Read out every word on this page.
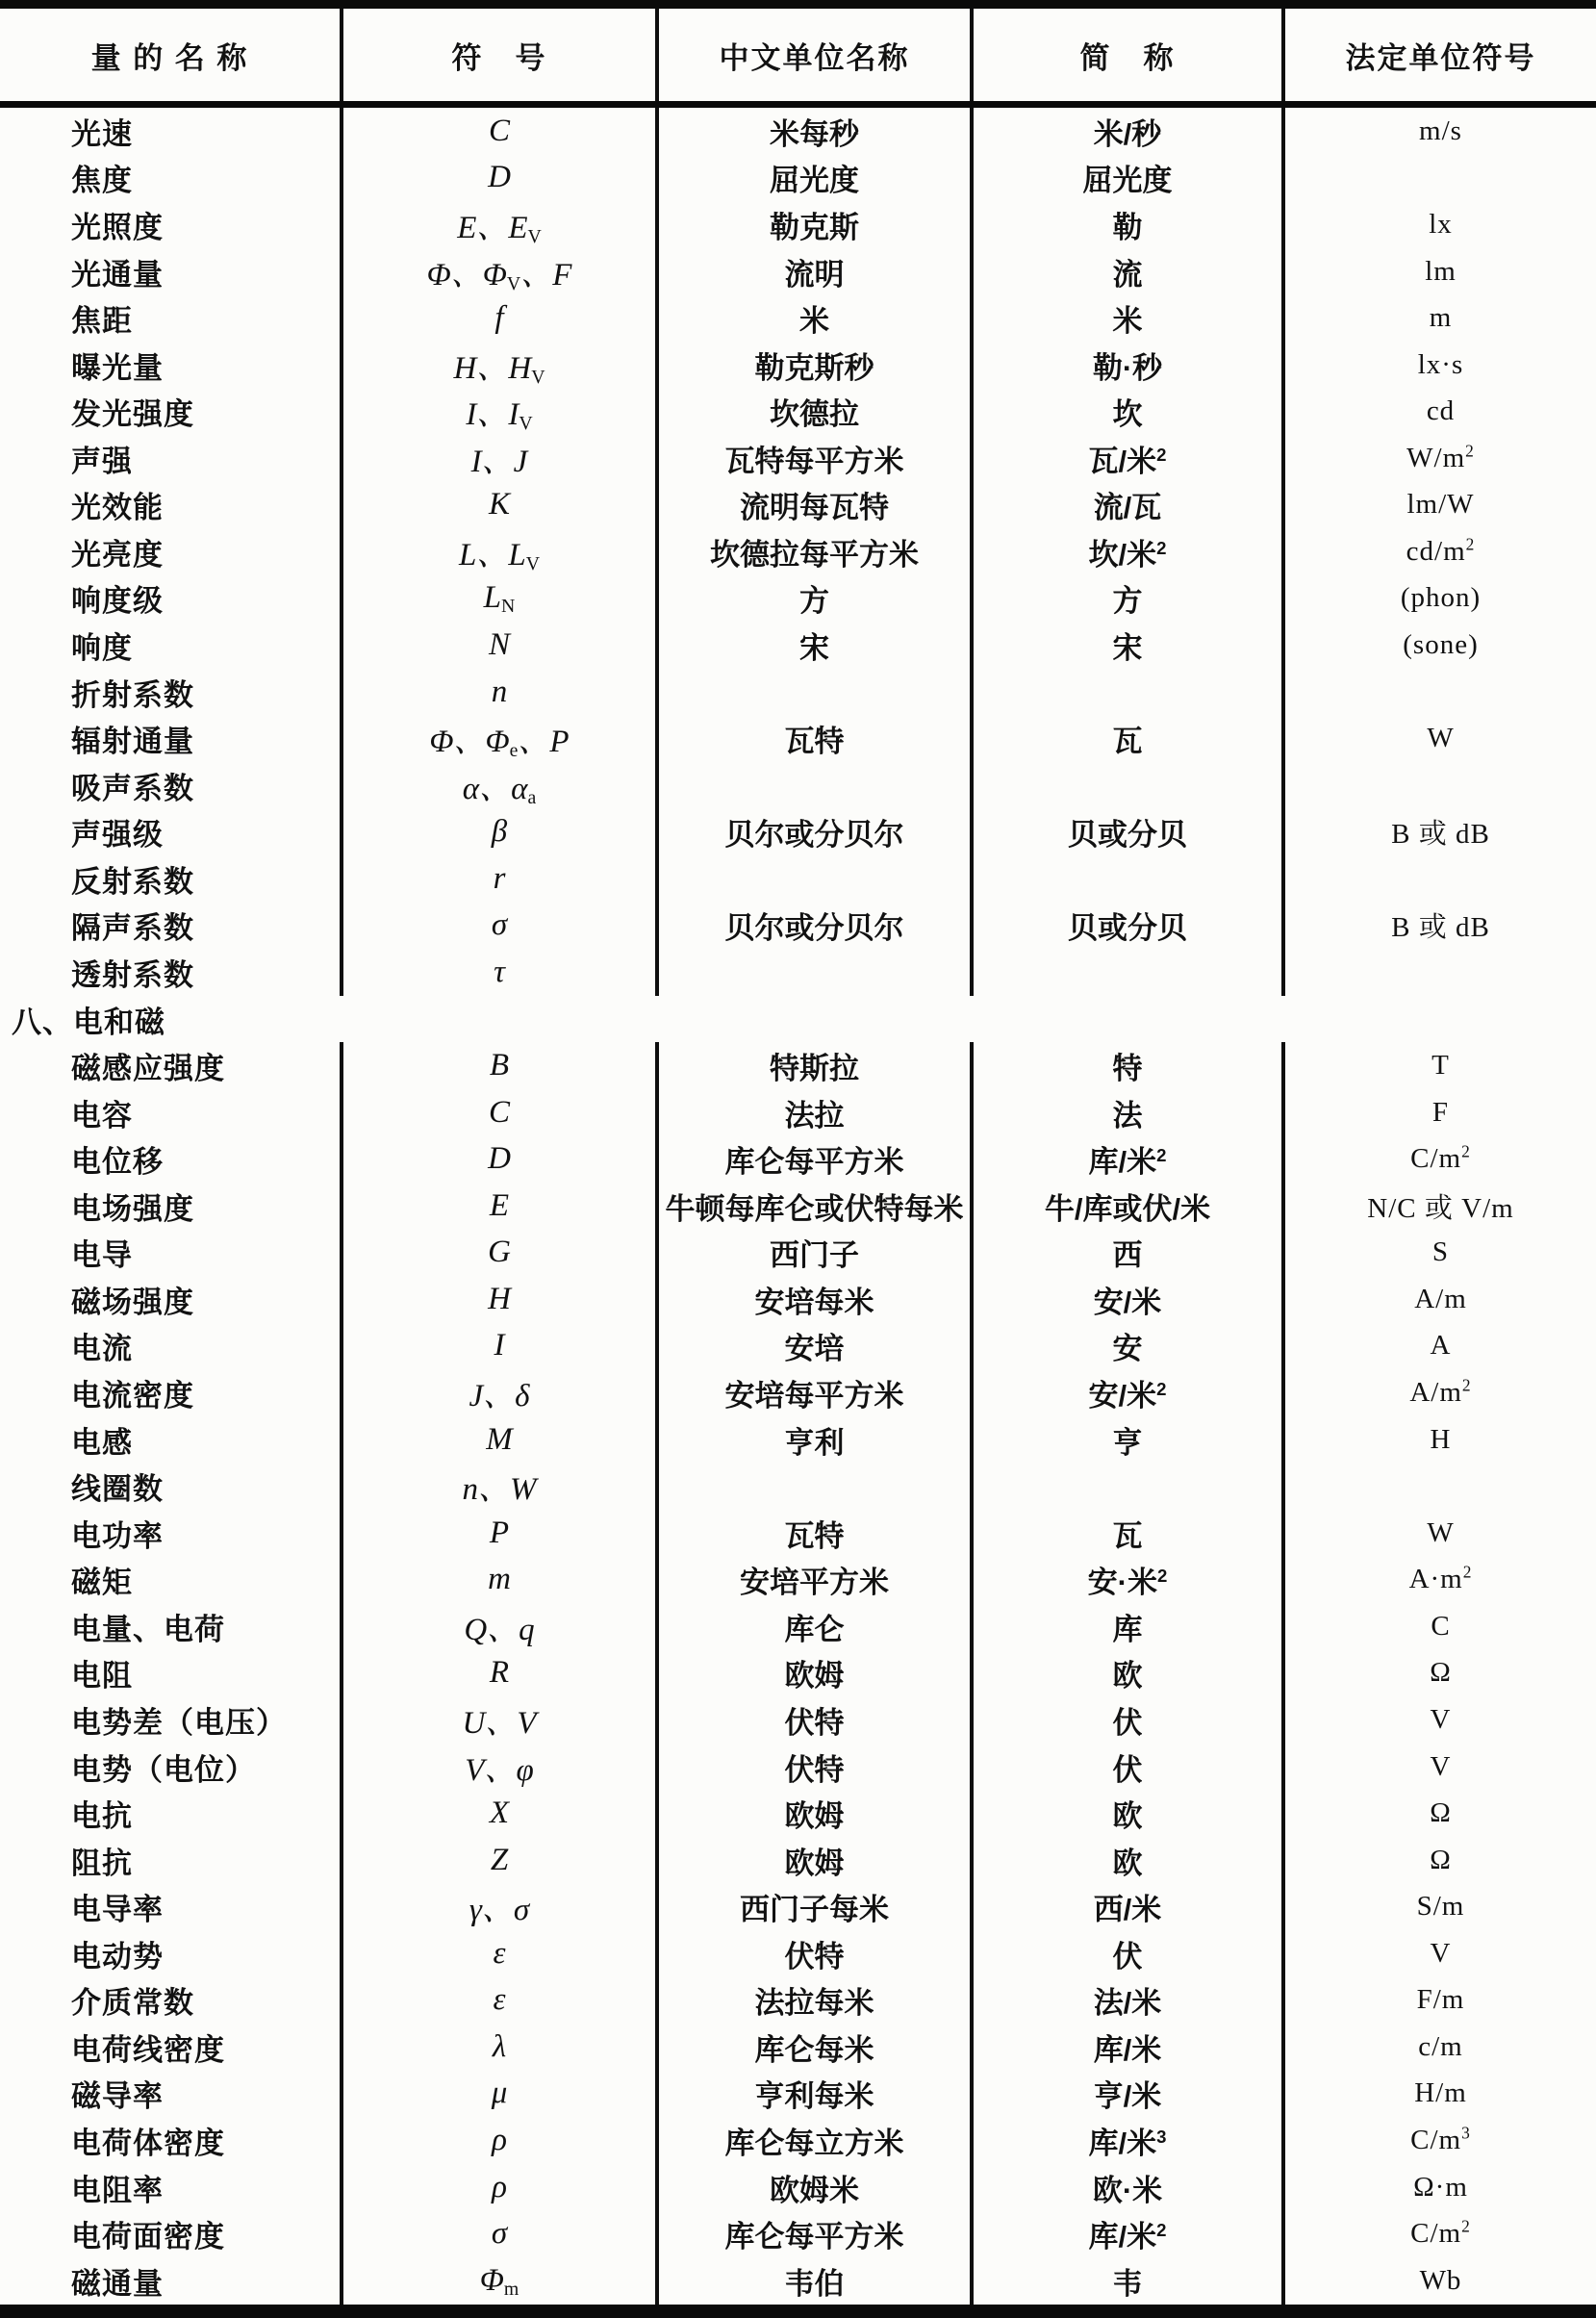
量 的 名 称	符　号	中文单位名称	简　称	法定单位符号
光速	C	米每秒	米/秒	m/s
焦度	D	屈光度	屈光度	
光照度	E、$E_V$	勒克斯	勒	lx
光通量	Φ、$\Phi_V$、F	流明	流	lm
焦距	f	米	米	m
曝光量	H、$H_V$	勒克斯秒	勒·秒	lx·s
发光强度	I、$I_V$	坎德拉	坎	cd
声强	I、J	瓦特每平方米	瓦/米$^2$	$W/m^2$
光效能	K	流明每瓦特	流/瓦	lm/W
光亮度	L、$L_V$	坎德拉每平方米	坎/米$^2$	$cd/m^2$
响度级	$L_N$	方	方	(phon)
响度	N	宋	宋	(sone)
折射系数	n			
辐射通量	Φ、$\Phi_e$、P	瓦特	瓦	W
吸声系数	α、$\alpha_a$			
声强级	β	贝尔或分贝尔	贝或分贝	B 或 dB
反射系数	r			
隔声系数	σ	贝尔或分贝尔	贝或分贝	B 或 dB
透射系数	τ			
八、电和磁				
磁感应强度	B	特斯拉	特	T
电容	C	法拉	法	F
电位移	D	库仑每平方米	库/米$^2$	$C/m^2$
电场强度	E	牛顿每库仑或伏特每米	牛/库或伏/米	N/C 或 V/m
电导	G	西门子	西	S
磁场强度	H	安培每米	安/米	A/m
电流	I	安培	安	A
电流密度	J、δ	安培每平方米	安/米$^2$	$A/m^2$
电感	M	亨利	亨	H
线圈数	n、W			
电功率	P	瓦特	瓦	W
磁矩	m	安培平方米	安·米$^2$	$A\cdot m^2$
电量、电荷	Q、q	库仑	库	C
电阻	R	欧姆	欧	Ω
电势差（电压）	U、V	伏特	伏	V
电势（电位）	V、φ	伏特	伏	V
电抗	X	欧姆	欧	Ω
阻抗	Z	欧姆	欧	Ω
电导率	γ、σ	西门子每米	西/米	S/m
电动势	ε	伏特	伏	V
介质常数	ε	法拉每米	法/米	F/m
电荷线密度	λ	库仑每米	库/米	c/m
磁导率	μ	亨利每米	亨/米	H/m
电荷体密度	ρ	库仑每立方米	库/米$^3$	$C/m^3$
电阻率	ρ	欧姆米	欧·米	Ω·m
电荷面密度	σ	库仑每平方米	库/米$^2$	$C/m^2$
磁通量	$\Phi_m$	韦伯	韦	Wb
